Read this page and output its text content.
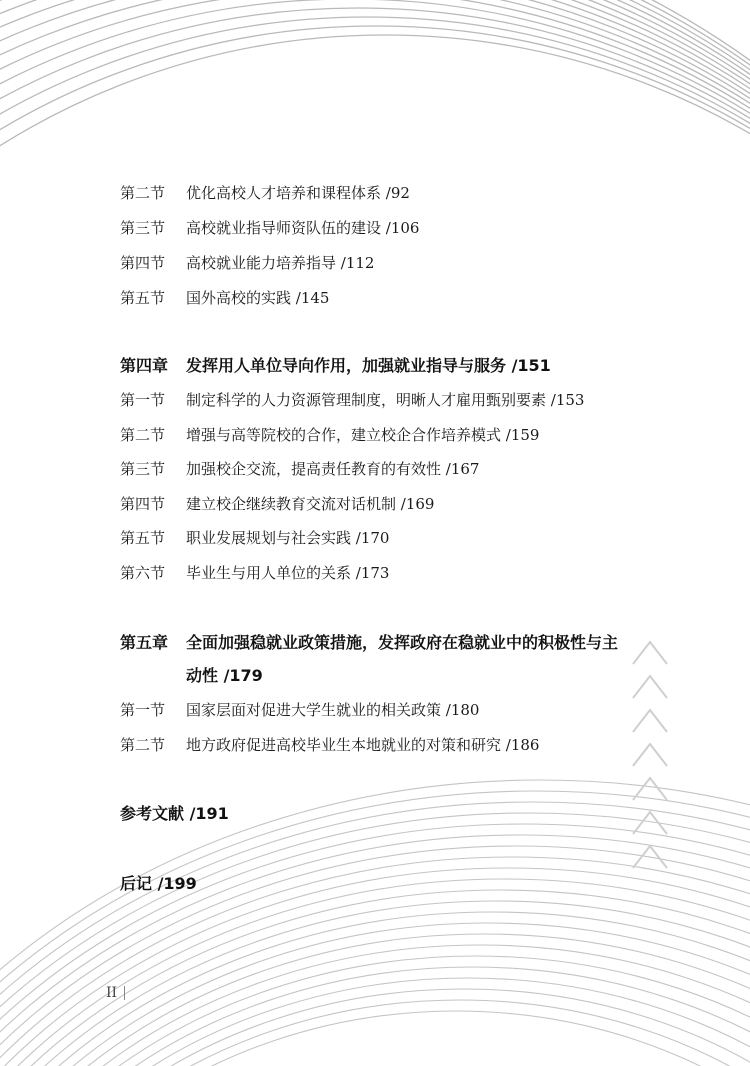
第二节 优化高校人才培养和课程体系 /92
第三节 高校就业指导师资队伍的建设 /106
第四节 高校就业能力培养指导 /112
第五节 国外高校的实践 /145
第四章 发挥用人单位导向作用，加强就业指导与服务 /151
第一节 制定科学的人力资源管理制度，明晰人才雇用甄别要素 /153
第二节 增强与高等院校的合作，建立校企合作培养模式 /159
第三节 加强校企交流，提高责任教育的有效性 /167
第四节 建立校企继续教育交流对话机制 /169
第五节 职业发展规划与社会实践 /170
第六节 毕业生与用人单位的关系 /173
第五章 全面加强稳就业政策措施，发挥政府在稳就业中的积极性与主动性 /179
第一节 国家层面对促进大学生就业的相关政策 /180
第二节 地方政府促进高校毕业生本地就业的对策和研究 /186
参考文献 /191
后记 /199
II
